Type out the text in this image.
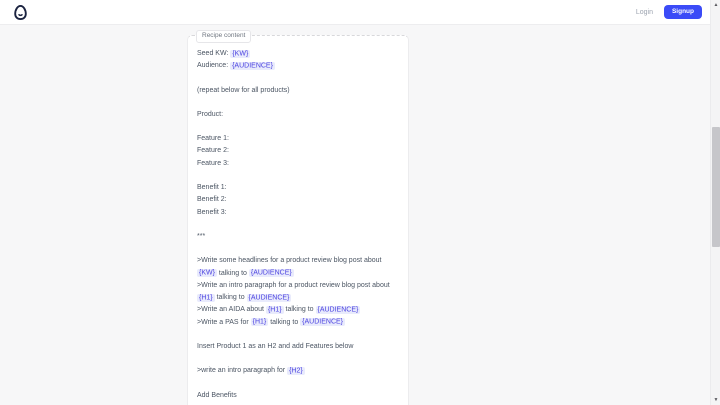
Login	Signup
Recipe content
Seed KW: {KW}
Audience: {AUDIENCE}
(repeat below for all products)
Product:
Feature 1:
Feature 2:
Feature 3:
Benefit 1:
Benefit 2:
Benefit 3:
***
>Write some headlines for a product review blog post about {KW} talking to {AUDIENCE}
>Write an intro paragraph for a product review blog post about {H1} talking to {AUDIENCE}
>Write an AIDA about {H1} talking to {AUDIENCE}
>Write a PAS for {H1} talking to {AUDIENCE}
Insert Product 1 as an H2 and add Features below
>write an intro paragraph for {H2}
Add Benefits
▲
▼
